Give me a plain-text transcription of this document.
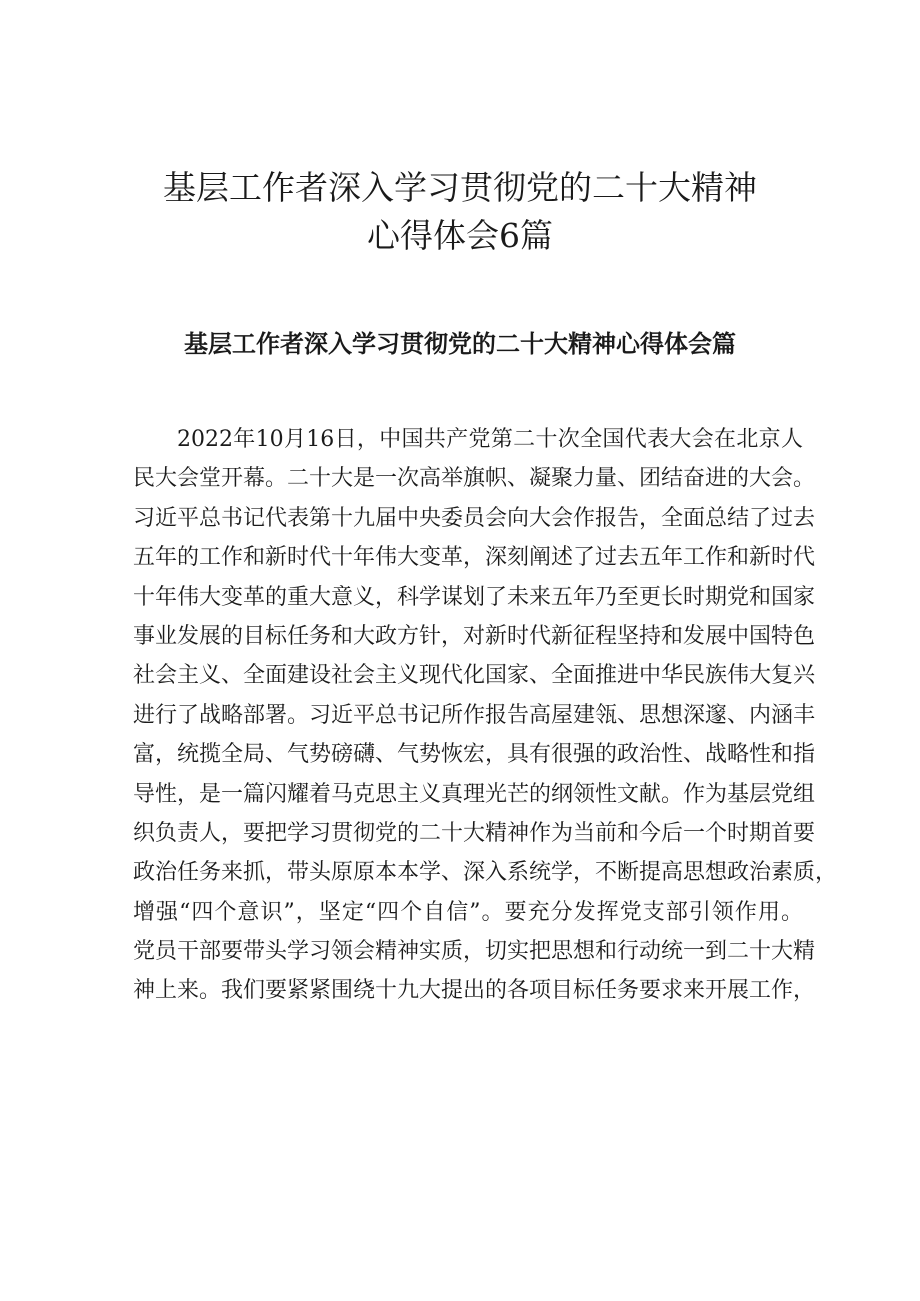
基层工作者深入学习贯彻党的二十大精神
心得体会6篇
基层工作者深入学习贯彻党的二十大精神心得体会篇
2022年10月16日，中国共产党第二十次全国代表大会在北京人
民大会堂开幕。二十大是一次高举旗帜、凝聚力量、团结奋进的大会。
习近平总书记代表第十九届中央委员会向大会作报告，全面总结了过去
五年的工作和新时代十年伟大变革，深刻阐述了过去五年工作和新时代
十年伟大变革的重大意义，科学谋划了未来五年乃至更长时期党和国家
事业发展的目标任务和大政方针，对新时代新征程坚持和发展中国特色
社会主义、全面建设社会主义现代化国家、全面推进中华民族伟大复兴
进行了战略部署。习近平总书记所作报告高屋建瓴、思想深邃、内涵丰
富，统揽全局、气势磅礴、气势恢宏，具有很强的政治性、战略性和指
导性，是一篇闪耀着马克思主义真理光芒的纲领性文献。作为基层党组
织负责人，要把学习贯彻党的二十大精神作为当前和今后一个时期首要
政治任务来抓，带头原原本本学、深入系统学，不断提高思想政治素质，
增强“四个意识”，坚定“四个自信”。要充分发挥党支部引领作用。
党员干部要带头学习领会精神实质，切实把思想和行动统一到二十大精
神上来。我们要紧紧围绕十九大提出的各项目标任务要求来开展工作，
